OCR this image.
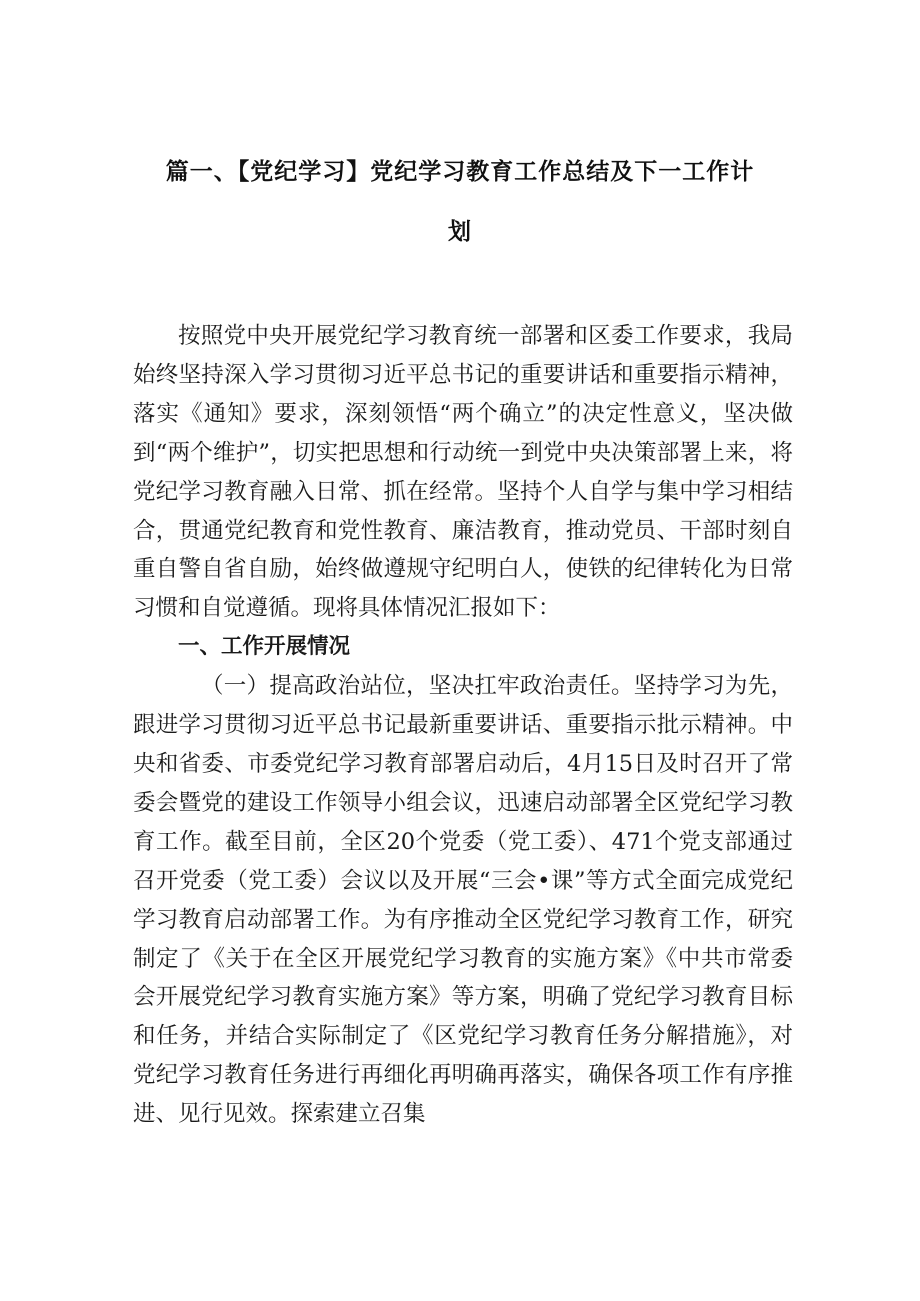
篇一、【党纪学习】党纪学习教育工作总结及下一工作计
划

按照党中央开展党纪学习教育统一部署和区委工作要求，我局始终坚持深入学习贯彻习近平总书记的重要讲话和重要指示精神，落实《通知》要求，深刻领悟“两个确立”的决定性意义，坚决做到“两个维护”，切实把思想和行动统一到党中央决策部署上来，将党纪学习教育融入日常、抓在经常。坚持个人自学与集中学习相结合，贯通党纪教育和党性教育、廉洁教育，推动党员、干部时刻自重自警自省自励，始终做遵规守纪明白人，使铁的纪律转化为日常习惯和自觉遵循。现将具体情况汇报如下：

一、工作开展情况

（一）提高政治站位，坚决扛牢政治责任。坚持学习为先，跟进学习贯彻习近平总书记最新重要讲话、重要指示批示精神。中央和省委、市委党纪学习教育部署启动后，4月15日及时召开了常委会暨党的建设工作领导小组会议，迅速启动部署全区党纪学习教育工作。截至目前，全区20个党委（党工委）、471个党支部通过召开党委（党工委）会议以及开展“三会•课”等方式全面完成党纪学习教育启动部署工作。为有序推动全区党纪学习教育工作，研究制定了《关于在全区开展党纪学习教育的实施方案》《中共市常委会开展党纪学习教育实施方案》等方案，明确了党纪学习教育目标和任务，并结合实际制定了《区党纪学习教育任务分解措施》，对党纪学习教育任务进行再细化再明确再落实，确保各项工作有序推进、见行见效。探索建立召集
